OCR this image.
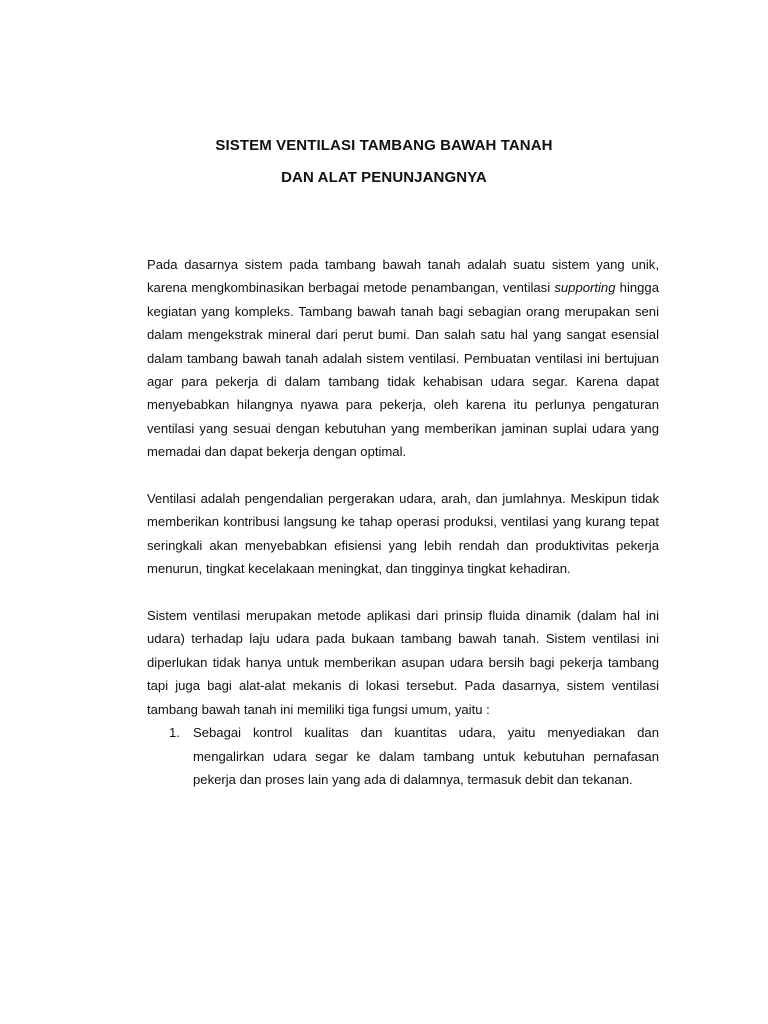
SISTEM VENTILASI TAMBANG BAWAH TANAH
DAN ALAT PENUNJANGNYA

Pada dasarnya sistem pada tambang bawah tanah adalah suatu sistem yang unik, karena mengkombinasikan berbagai metode penambangan, ventilasi supporting hingga kegiatan yang kompleks. Tambang bawah tanah bagi sebagian orang merupakan seni dalam mengekstrak mineral dari perut bumi. Dan salah satu hal yang sangat esensial dalam tambang bawah tanah adalah sistem ventilasi. Pembuatan ventilasi ini bertujuan agar para pekerja di dalam tambang tidak kehabisan udara segar. Karena dapat menyebabkan hilangnya nyawa para pekerja, oleh karena itu perlunya pengaturan ventilasi yang sesuai dengan kebutuhan yang memberikan jaminan suplai udara yang memadai dan dapat bekerja dengan optimal.

Ventilasi adalah pengendalian pergerakan udara, arah, dan jumlahnya. Meskipun tidak memberikan kontribusi langsung ke tahap operasi produksi, ventilasi yang kurang tepat seringkali akan menyebabkan efisiensi yang lebih rendah dan produktivitas pekerja menurun, tingkat kecelakaan meningkat, dan tingginya tingkat kehadiran.

Sistem ventilasi merupakan metode aplikasi dari prinsip fluida dinamik (dalam hal ini udara) terhadap laju udara pada bukaan tambang bawah tanah. Sistem ventilasi ini diperlukan tidak hanya untuk memberikan asupan udara bersih bagi pekerja tambang tapi juga bagi alat-alat mekanis di lokasi tersebut. Pada dasarnya, sistem ventilasi tambang bawah tanah ini memiliki tiga fungsi umum, yaitu :

1. Sebagai kontrol kualitas dan kuantitas udara, yaitu menyediakan dan mengalirkan udara segar ke dalam tambang untuk kebutuhan pernafasan pekerja dan proses lain yang ada di dalamnya, termasuk debit dan tekanan.
